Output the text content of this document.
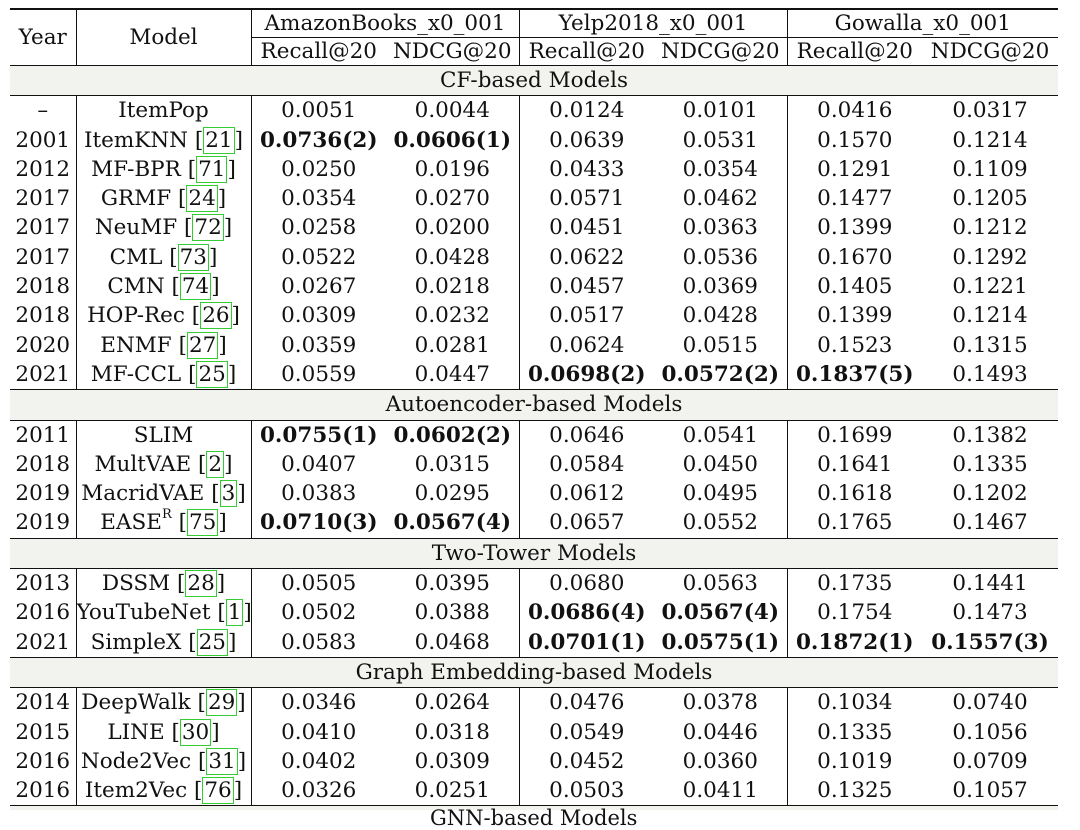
Year	Model	AmazonBooks_x0_001		Yelp2018_x0_001		Gowalla_x0_001	
		Recall@20	NDCG@20	Recall@20	NDCG@20	Recall@20	NDCG@20
CF-based Models							
–	ItemPop	0.0051	0.0044	0.0124	0.0101	0.0416	0.0317
2001	ItemKNN [21]	0.0736(2)	0.0606(1)	0.0639	0.0531	0.1570	0.1214
2012	MF-BPR [71]	0.0250	0.0196	0.0433	0.0354	0.1291	0.1109
2017	GRMF [24]	0.0354	0.0270	0.0571	0.0462	0.1477	0.1205
2017	NeuMF [72]	0.0258	0.0200	0.0451	0.0363	0.1399	0.1212
2017	CML [73]	0.0522	0.0428	0.0622	0.0536	0.1670	0.1292
2018	CMN [74]	0.0267	0.0218	0.0457	0.0369	0.1405	0.1221
2018	HOP-Rec [26]	0.0309	0.0232	0.0517	0.0428	0.1399	0.1214
2020	ENMF [27]	0.0359	0.0281	0.0624	0.0515	0.1523	0.1315
2021	MF-CCL [25]	0.0559	0.0447	0.0698(2)	0.0572(2)	0.1837(5)	0.1493
Autoencoder-based Models							
2011	SLIM	0.0755(1)	0.0602(2)	0.0646	0.0541	0.1699	0.1382
2018	MultVAE [2]	0.0407	0.0315	0.0584	0.0450	0.1641	0.1335
2019	MacridVAE [3]	0.0383	0.0295	0.0612	0.0495	0.1618	0.1202
2019	$EASE^R$ [75]	0.0710(3)	0.0567(4)	0.0657	0.0552	0.1765	0.1467
Two-Tower Models							
2013	DSSM [28]	0.0505	0.0395	0.0680	0.0563	0.1735	0.1441
2016	YouTubeNet [1]	0.0502	0.0388	0.0686(4)	0.0567(4)	0.1754	0.1473
2021	SimpleX [25]	0.0583	0.0468	0.0701(1)	0.0575(1)	0.1872(1)	0.1557(3)
Graph Embedding-based Models							
2014	DeepWalk [29]	0.0346	0.0264	0.0476	0.0378	0.1034	0.0740
2015	LINE [30]	0.0410	0.0318	0.0549	0.0446	0.1335	0.1056
2016	Node2Vec [31]	0.0402	0.0309	0.0452	0.0360	0.1019	0.0709
2016	Item2Vec [76]	0.0326	0.0251	0.0503	0.0411	0.1325	0.1057

GNN-based Models
